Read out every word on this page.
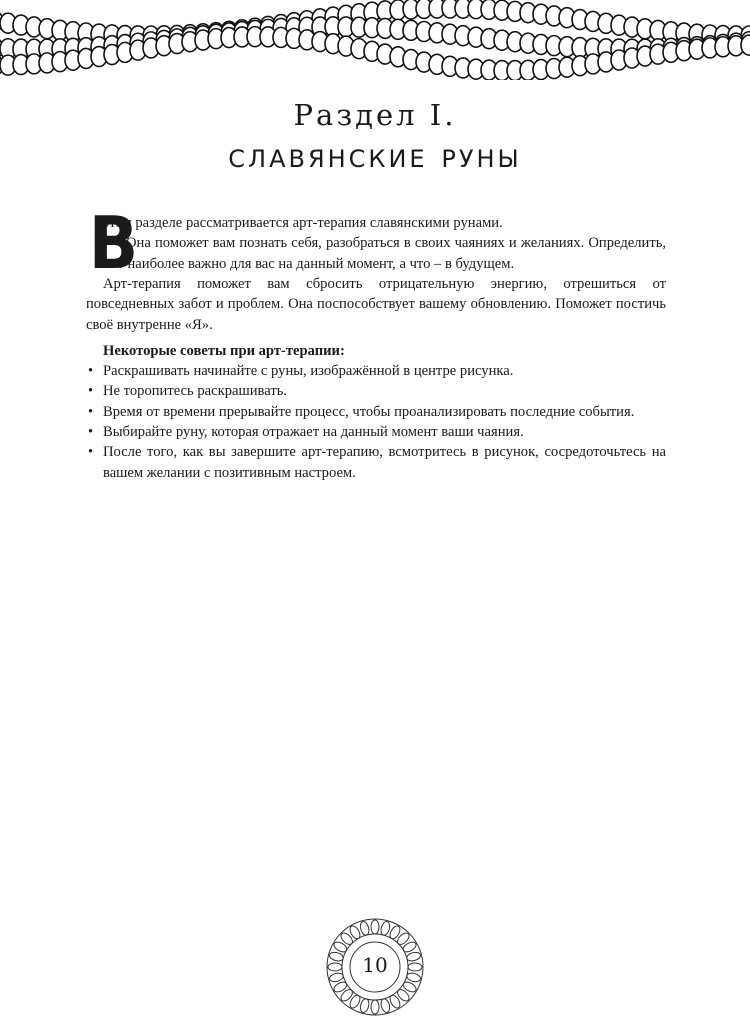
Раздел I.
славянские руны
В

этом разделе рассматривается арт-терапия славянскими рунами.

Она поможет вам познать себя, разобраться в своих чаяниях и желаниях. Определить, что наиболее важно для вас на данный момент, а что – в будущем.

Арт-терапия поможет вам сбросить отрицательную энергию, отрешиться от повседневных забот и проблем. Она поспособствует вашему обновлению. Поможет постичь своё внутренне «Я».

Некоторые советы при арт-терапии:

• Раскрашивать начинайте с руны, изображённой в центре рисунка.
• Не торопитесь раскрашивать.
• Время от времени прерывайте процесс, чтобы проанализировать последние события.
• Выбирайте руну, которая отражает на данный момент ваши чаяния.
• После того, как вы завершите арт-терапию, всмотритесь в рисунок, сосредоточьтесь на вашем желании с позитивным настроем.
10
